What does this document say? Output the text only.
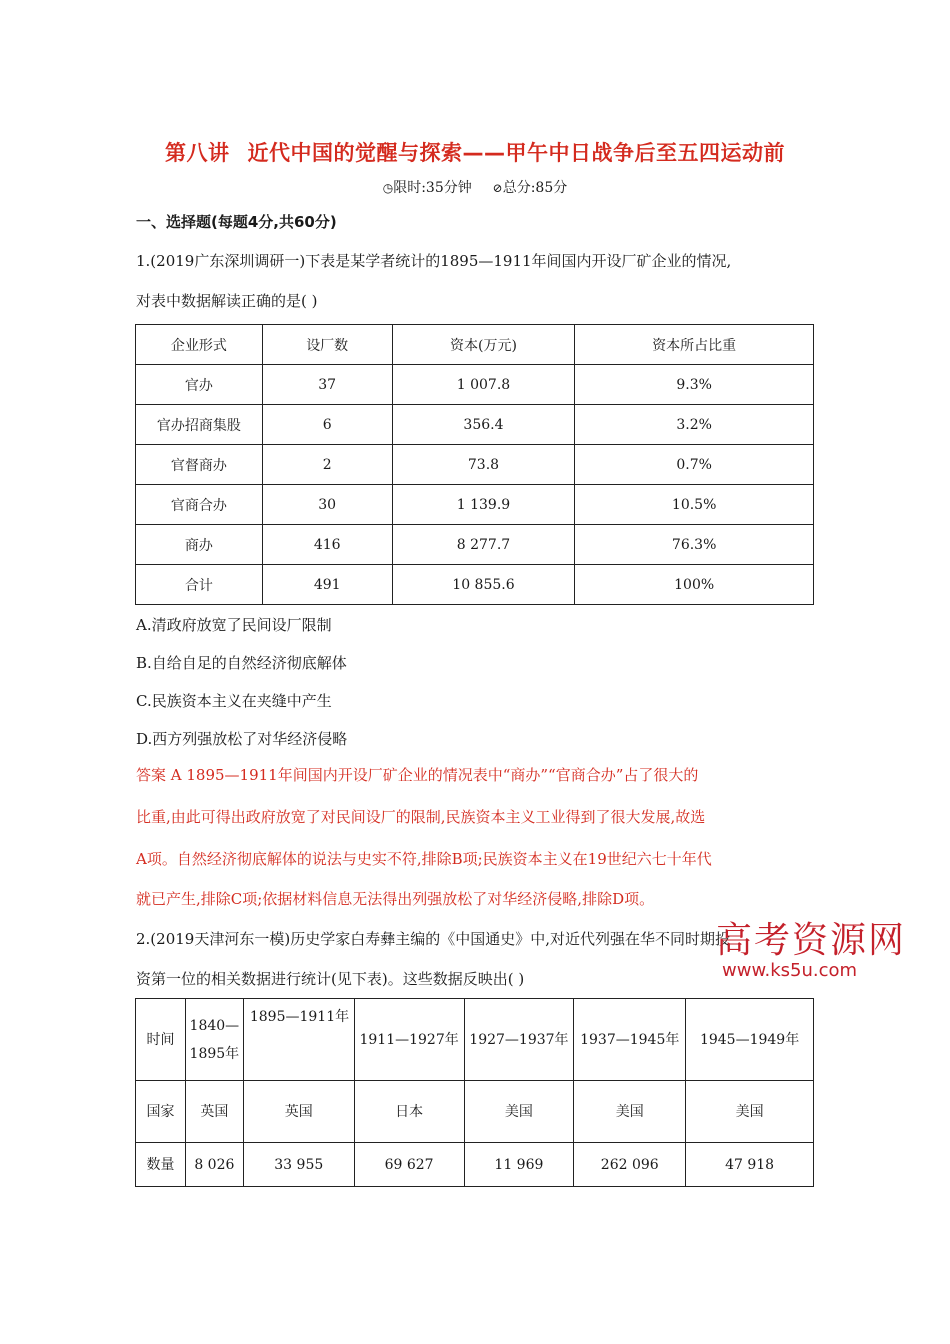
第八讲 近代中国的觉醒与探索——甲午中日战争后至五四运动前
◷限时:35分钟 ⊘总分:85分
一、选择题(每题4分,共60分)
1.(2019广东深圳调研一)下表是某学者统计的1895—1911年间国内开设厂矿企业的情况,
对表中数据解读正确的是( )
企业形式	设厂数	资本(万元)	资本所占比重
官办	37	1 007.8	9.3%
官办招商集股	6	356.4	3.2%
官督商办	2	73.8	0.7%
官商合办	30	1 139.9	10.5%
商办	416	8 277.7	76.3%
合计	491	10 855.6	100%
A.清政府放宽了民间设厂限制
B.自给自足的自然经济彻底解体
C.民族资本主义在夹缝中产生
D.西方列强放松了对华经济侵略
答案 A 1895—1911年间国内开设厂矿企业的情况表中“商办”“官商合办”占了很大的
比重,由此可得出政府放宽了对民间设厂的限制,民族资本主义工业得到了很大发展,故选
A项。自然经济彻底解体的说法与史实不符,排除B项;民族资本主义在19世纪六七十年代
就已产生,排除C项;依据材料信息无法得出列强放松了对华经济侵略,排除D项。
2.(2019天津河东一模)历史学家白寿彝主编的《中国通史》中,对近代列强在华不同时期投
资第一位的相关数据进行统计(见下表)。这些数据反映出( )
高考资源网
www.ks5u.com
时间	1840—1895年	1895—1911年	1911—1927年	1927—1937年	1937—1945年	1945—1949年
国家	英国	英国	日本	美国	美国	美国
数量	8 026	33 955	69 627	11 969	262 096	47 918
